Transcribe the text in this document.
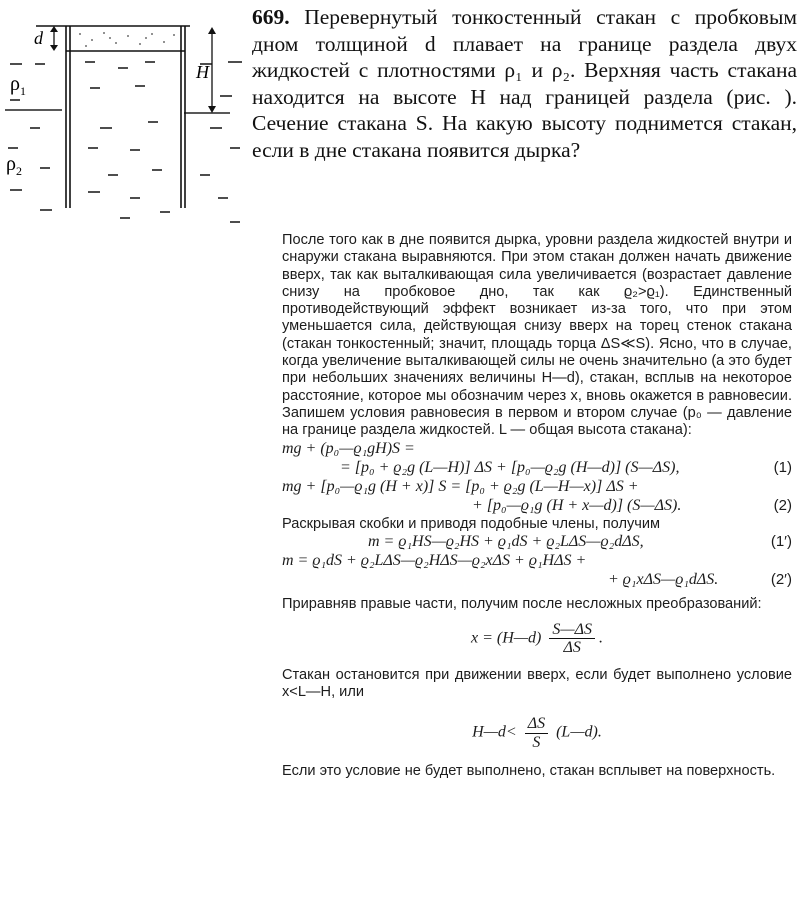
d
H
$\rho_1$
$\rho_2$
669. Перевернутый тонкостенный стакан с пробковым дном толщиной d плавает на границе раздела двух жидкостей с плотностями ρ₁ и ρ₂. Верхняя часть стакана находится на высоте H над границей раздела (рис. ). Сечение стакана S. На какую высоту поднимется стакан, если в дне стакана появится дырка?

После того как в дне появится дырка, уровни раздела жидкостей внутри и снаружи стакана выравняются. При этом стакан должен начать движение вверх, так как выталкивающая сила увеличивается (возрастает давление снизу на пробковое дно, так как ϱ₂>ϱ₁). Единственный противодействующий эффект возникает из-за того, что при этом уменьшается сила, действующая снизу вверх на торец стенок стакана (стакан тонкостенный; значит, площадь торца ΔS≪S). Ясно, что в случае, когда увеличение выталкивающей силы не очень значительно (а это будет при небольших значениях величины H—d), стакан, всплыв на некоторое расстояние, которое мы обозначим через x, вновь окажется в равновесии. Запишем условия равновесия в первом и втором случае (p₀ — давление на границе раздела жидкостей. L — общая высота стакана):

mg + (p₀—ϱ₁gH)S =
= [p₀ + ϱ₂g (L—H)] ΔS + [p₀—ϱ₂g (H—d)] (S—ΔS),	(1)
mg + [p₀—ϱ₁g (H + x)] S = [p₀ + ϱ₂g (L—H—x)] ΔS +
+ [p₀—ϱ₁g (H + x—d)] (S—ΔS).	(2)

Раскрывая скобки и приводя подобные члены, получим

m = ϱ₁HS—ϱ₂HS + ϱ₁dS + ϱ₂LΔS—ϱ₂dΔS,	(1′)
m = ϱ₁dS + ϱ₂LΔS—ϱ₂HΔS—ϱ₂xΔS + ϱ₁HΔS +
+ ϱ₁xΔS—ϱ₁dΔS.	(2′)

Приравняв правые части, получим после несложных преобразований:

x = (H—d) $\frac{S—\Delta S}{\Delta S}$ .

Стакан остановится при движении вверх, если будет выполнено условие x<L—H, или

H—d< $\frac{\Delta S}{S}$ (L—d).

Если это условие не будет выполнено, стакан всплывет на поверхность.
